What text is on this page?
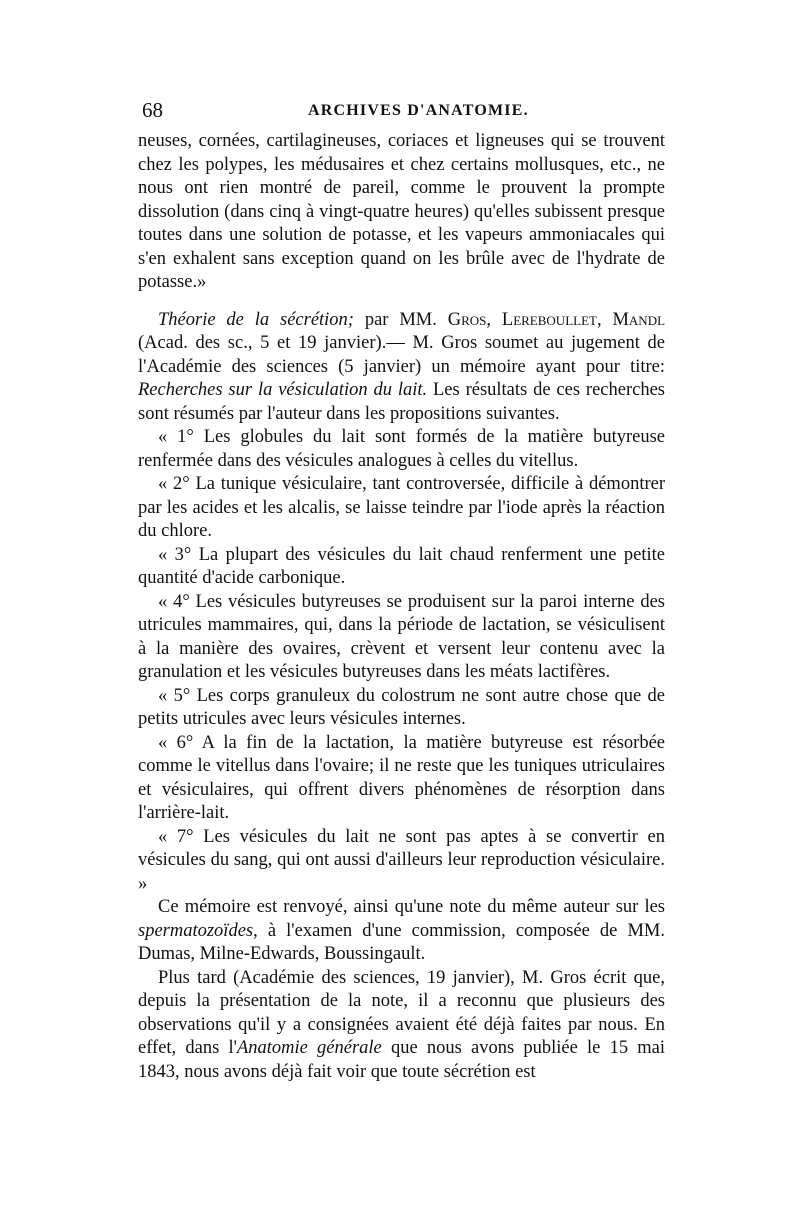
68	ARCHIVES D'ANATOMIE.

neuses, cornées, cartilagineuses, coriaces et ligneuses qui se trouvent chez les polypes, les médusaires et chez certains mollusques, etc., ne nous ont rien montré de pareil, comme le prouvent la prompte dissolution (dans cinq à vingt-quatre heures) qu'elles subissent presque toutes dans une solution de potasse, et les vapeurs ammoniacales qui s'en exhalent sans exception quand on les brûle avec de l'hydrate de potasse.»

Théorie de la sécrétion; par MM. Gros, Lereboullet, Mandl (Acad. des sc., 5 et 19 janvier).— M. Gros soumet au jugement de l'Académie des sciences (5 janvier) un mémoire ayant pour titre: Recherches sur la vésiculation du lait. Les résultats de ces recherches sont résumés par l'auteur dans les propositions suivantes.

« 1° Les globules du lait sont formés de la matière butyreuse renfermée dans des vésicules analogues à celles du vitellus.

« 2° La tunique vésiculaire, tant controversée, difficile à démontrer par les acides et les alcalis, se laisse teindre par l'iode après la réaction du chlore.

« 3° La plupart des vésicules du lait chaud renferment une petite quantité d'acide carbonique.

« 4° Les vésicules butyreuses se produisent sur la paroi interne des utricules mammaires, qui, dans la période de lactation, se vésiculisent à la manière des ovaires, crèvent et versent leur contenu avec la granulation et les vésicules butyreuses dans les méats lactifères.

« 5° Les corps granuleux du colostrum ne sont autre chose que de petits utricules avec leurs vésicules internes.

« 6° A la fin de la lactation, la matière butyreuse est résorbée comme le vitellus dans l'ovaire; il ne reste que les tuniques utriculaires et vésiculaires, qui offrent divers phénomènes de résorption dans l'arrière-lait.

« 7° Les vésicules du lait ne sont pas aptes à se convertir en vésicules du sang, qui ont aussi d'ailleurs leur reproduction vésiculaire. »

Ce mémoire est renvoyé, ainsi qu'une note du même auteur sur les spermatozoïdes, à l'examen d'une commission, composée de MM. Dumas, Milne-Edwards, Boussingault.

Plus tard (Académie des sciences, 19 janvier), M. Gros écrit que, depuis la présentation de la note, il a reconnu que plusieurs des observations qu'il y a consignées avaient été déjà faites par nous. En effet, dans l'Anatomie générale que nous avons publiée le 15 mai 1843, nous avons déjà fait voir que toute sécrétion est
